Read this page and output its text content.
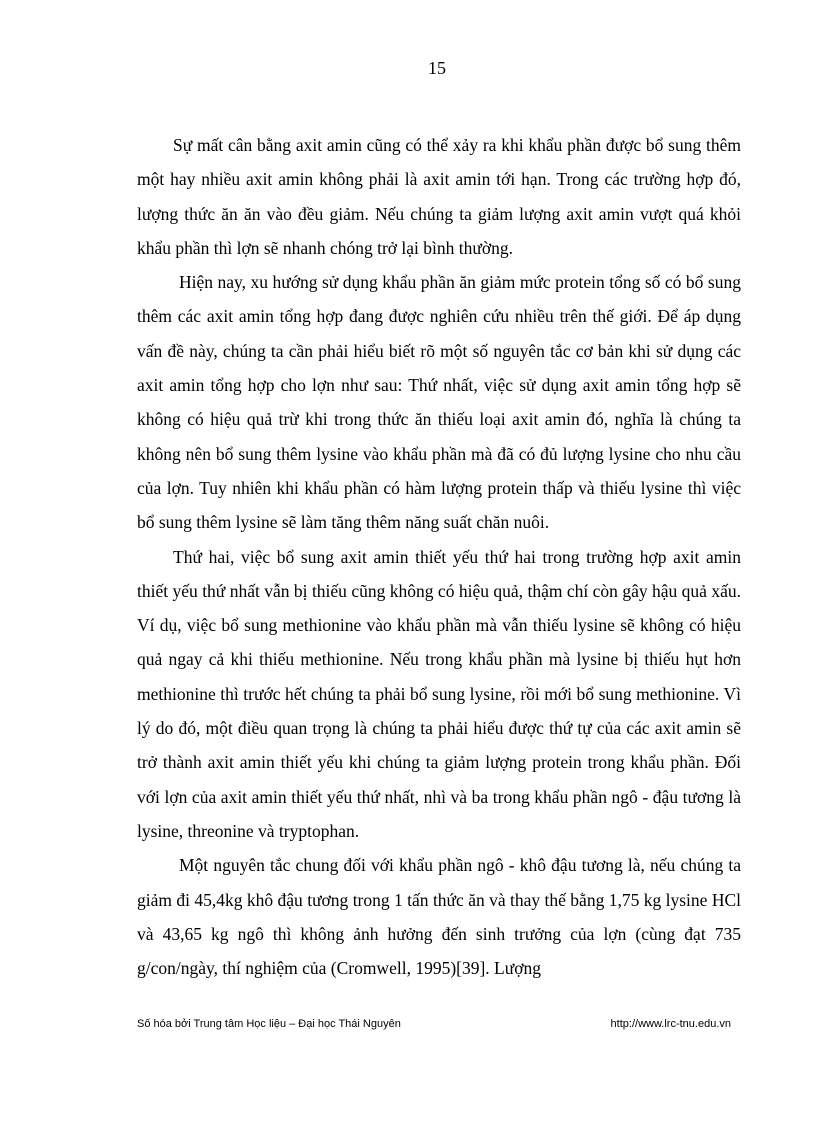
15

Sự mất cân bằng axit amin cũng có thể xảy ra khi khẩu phần được bổ sung thêm một hay nhiều axit amin không phải là axit amin tới hạn. Trong các trường hợp đó, lượng thức ăn ăn vào đều giảm. Nếu chúng ta giảm lượng axit amin vượt quá khỏi khẩu phần thì lợn sẽ nhanh chóng trở lại bình thường.

Hiện nay, xu hướng sử dụng khẩu phần ăn giảm mức protein tổng số có bổ sung thêm các axit amin tổng hợp đang được nghiên cứu nhiều trên thế giới. Để áp dụng vấn đề này, chúng ta cần phải hiểu biết rõ một số nguyên tắc cơ bản khi sử dụng các axit amin tổng hợp cho lợn như sau: Thứ nhất, việc sử dụng axit amin tổng hợp sẽ không có hiệu quả trừ khi trong thức ăn thiếu loại axit amin đó, nghĩa là chúng ta không nên bổ sung thêm lysine vào khẩu phần mà đã có đủ lượng lysine cho nhu cầu của lợn. Tuy nhiên khi khẩu phần có hàm lượng protein thấp và thiếu lysine thì việc bổ sung thêm lysine sẽ làm tăng thêm năng suất chăn nuôi.

Thứ hai, việc bổ sung axit amin thiết yếu thứ hai trong trường hợp axit amin thiết yếu thứ nhất vẫn bị thiếu cũng không có hiệu quả, thậm chí còn gây hậu quả xấu. Ví dụ, việc bổ sung methionine vào khẩu phần mà vẫn thiếu lysine sẽ không có hiệu quả ngay cả khi thiếu methionine. Nếu trong khẩu phần mà lysine bị thiếu hụt hơn methionine thì trước hết chúng ta phải bổ sung lysine, rồi mới bổ sung methionine. Vì lý do đó, một điều quan trọng là chúng ta phải hiểu được thứ tự của các axit amin sẽ trở thành axit amin thiết yếu khi chúng ta giảm lượng protein trong khẩu phần. Đối với lợn của axit amin thiết yếu thứ nhất, nhì và ba trong khẩu phần ngô - đậu tương là lysine, threonine và tryptophan.

Một nguyên tắc chung đối với khẩu phần ngô - khô đậu tương là, nếu chúng ta giảm đi 45,4kg khô đậu tương trong 1 tấn thức ăn và thay thế bằng 1,75 kg lysine HCl và 43,65 kg ngô thì không ảnh hưởng đến sinh trưởng của lợn (cùng đạt 735 g/con/ngày, thí nghiệm của (Cromwell, 1995)[39]. Lượng

Số hóa bởi Trung tâm Học liệu – Đại học Thái Nguyên	http://www.lrc-tnu.edu.vn
